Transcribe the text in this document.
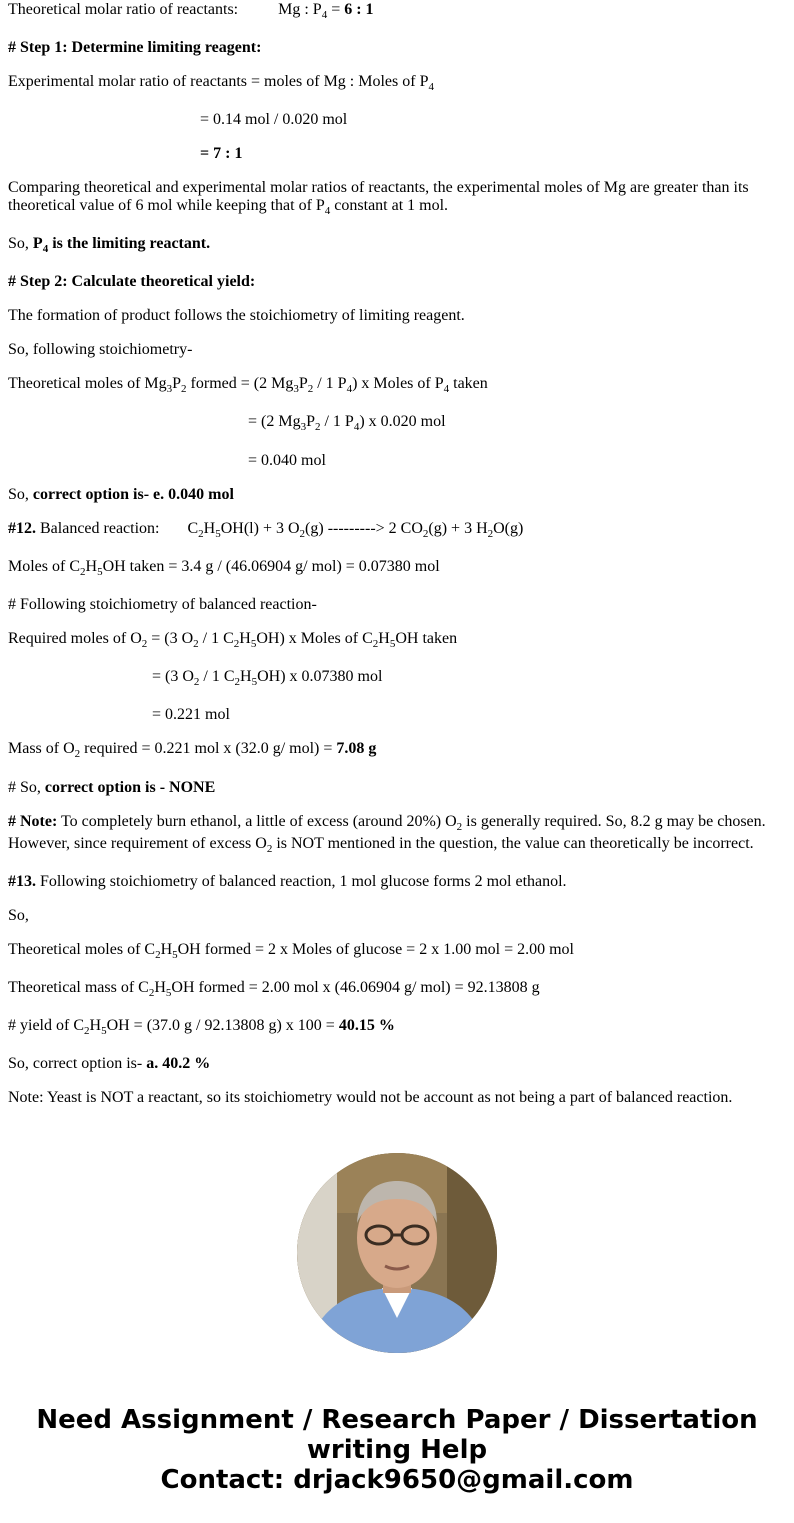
Theoretical molar ratio of reactants:	Mg : $P_4 = 6$ : 1
# Step 1: Determine limiting reagent:
Experimental molar ratio of reactants = moles of Mg : Moles of $P_4$
= 0.14 mol / 0.020 mol
= 7 : 1
Comparing theoretical and experimental molar ratios of reactants, the experimental moles of Mg are greater than its theoretical value of 6 mol while keeping that of $P_4$ constant at 1 mol.
So, $P_4$ is the limiting reactant.
# Step 2: Calculate theoretical yield:
The formation of product follows the stoichiometry of limiting reagent.
So, following stoichiometry-
Theoretical moles of $Mg_3P_2$ formed = (2 $Mg_3P_2 / 1$ $P_4$) x Moles of $P_4$ taken
= (2 $Mg_3P_2 / 1$ $P_4$) x 0.020 mol
= 0.040 mol
So, correct option is- e. 0.040 mol
#12. Balanced reaction: $C_2H_5OH(l) + 3$ $O_2(g)$ ---------> 2 $CO_2(g) + 3$ $H_2O(g)$
Moles of $C_2H_5OH$ taken = 3.4 g / (46.06904 g/ mol) = 0.07380 mol
# Following stoichiometry of balanced reaction-
Required moles of $O_2 = (3$ $O_2 / 1$ $C_2H_5OH$) x Moles of $C_2H_5OH$ taken
= (3 $O_2 / 1$ $C_2H_5OH$) x 0.07380 mol
= 0.221 mol
Mass of $O_2$ required = 0.221 mol x (32.0 g/ mol) = 7.08 g
# So, correct option is - NONE
# Note: To completely burn ethanol, a little of excess (around 20%) $O_2$ is generally required. So, 8.2 g may be chosen.
However, since requirement of excess $O_2$ is NOT mentioned in the question, the value can theoretically be incorrect.
#13. Following stoichiometry of balanced reaction, 1 mol glucose forms 2 mol ethanol.
So,
Theoretical moles of $C_2H_5OH$ formed = 2 x Moles of glucose = 2 x 1.00 mol = 2.00 mol
Theoretical mass of $C_2H_5OH$ formed = 2.00 mol x (46.06904 g/ mol) = 92.13808 g
# yield of $C_2H_5OH = (37.0$ g / 92.13808 g) x 100 = 40.15 %
So, correct option is- a. 40.2 %
Note: Yeast is NOT a reactant, so its stoichiometry would not be account as not being a part of balanced reaction.
Need Assignment / Research Paper / Dissertation
writing Help
Contact: drjack9650@gmail.com
